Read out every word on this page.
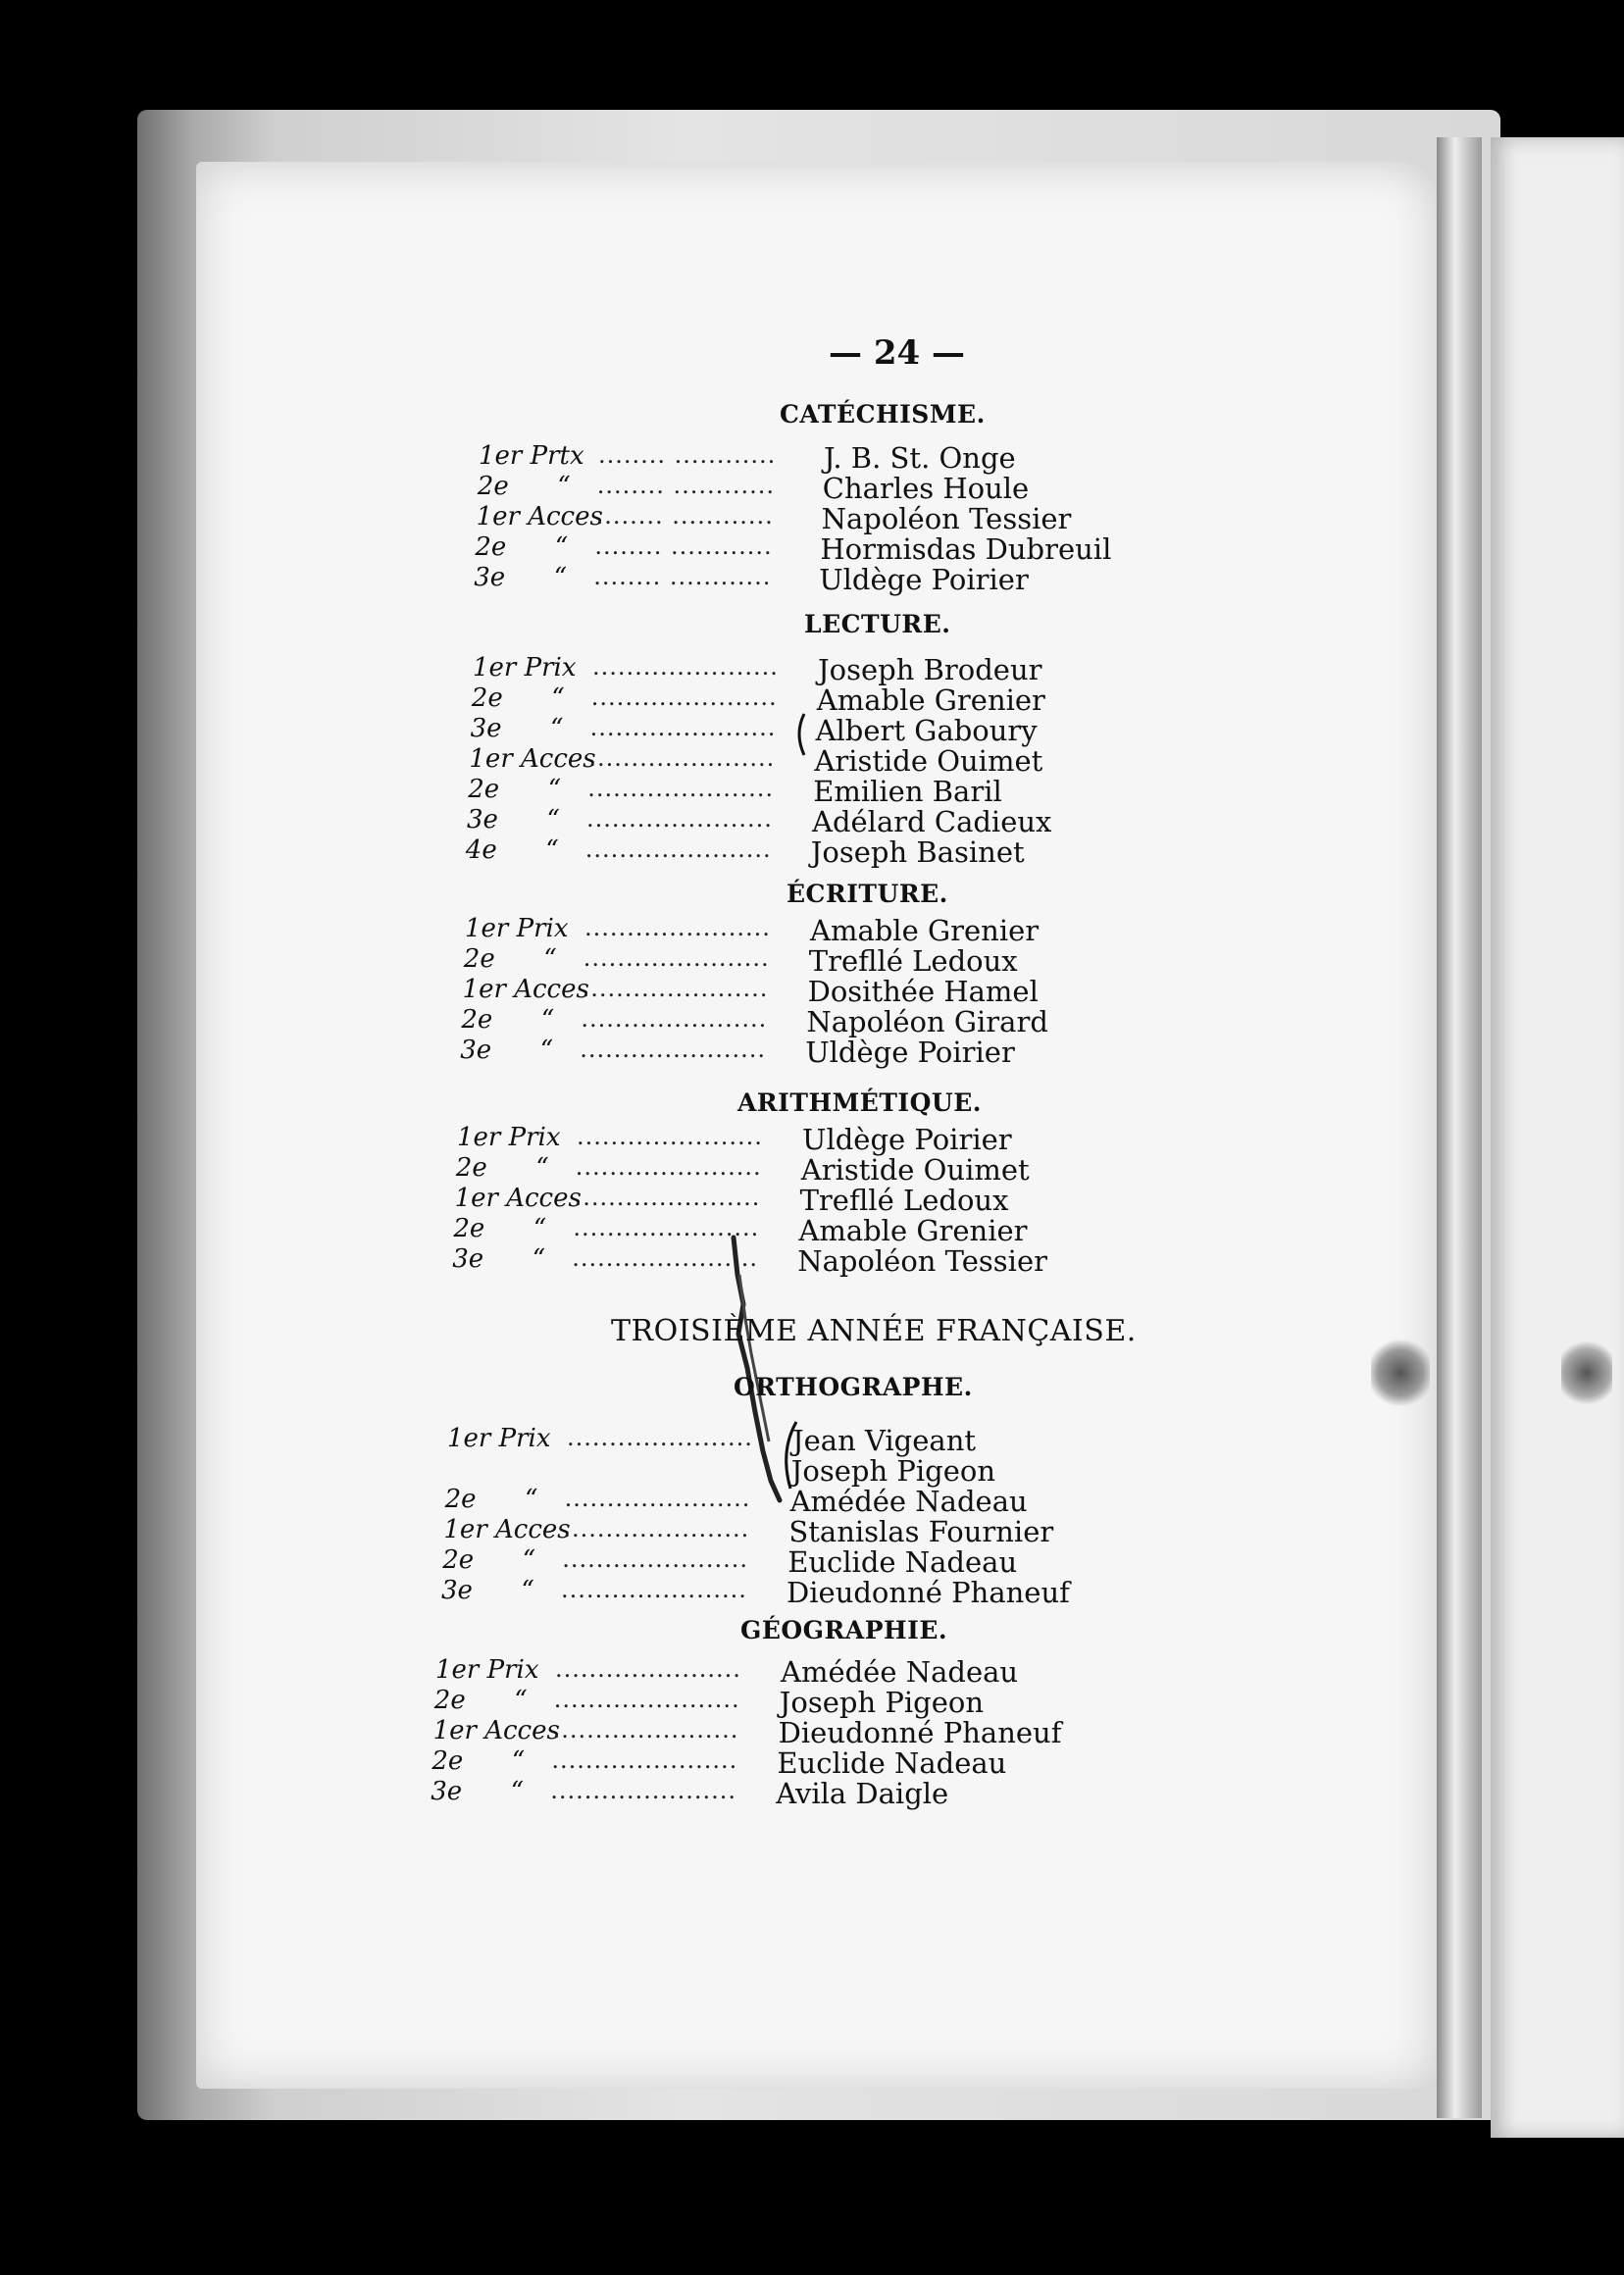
— 24 —
CATÉCHISME.
1er Prtx ........ ............ J. B. St. Onge
2e      “ ........ ............ Charles Houle
1er Acces
........ ............ Napoléon Tessier
2e      “ ........ ............ Hormisdas Dubreuil
3e      “ ........ ............ Uldège Poirier
LECTURE.
1er Prix ...................... Joseph Brodeur
2e      “ ...................... Amable Grenier
3e      “ ...................... Albert Gaboury
1er Acces
...................... Aristide Ouimet
2e      “ ...................... Emilien Baril
3e      “ ...................... Adélard Cadieux
4e      “ ...................... Joseph Basinet
ÉCRITURE.
1er Prix ...................... Amable Grenier
2e      “ ...................... Trefllé Ledoux
1er Acces
...................... Dosithée Hamel
2e      “ ...................... Napoléon Girard
3e      “ ...................... Uldège Poirier
ARITHMÉTIQUE.
1er Prix ...................... Uldège Poirier
2e      “ ...................... Aristide Ouimet
1er Acces
...................... Trefllé Ledoux
2e      “ ...................... Amable Grenier
3e      “ ...................... Napoléon Tessier
TROISIÈME ANNÉE FRANÇAISE.
ORTHOGRAPHE.
1er Prix ...................... Jean Vigeant
Joseph Pigeon
2e      “ ...................... Amédée Nadeau
1er Acces
...................... Stanislas Fournier
2e      “ ...................... Euclide Nadeau
3e      “ ...................... Dieudonné Phaneuf
GÉOGRAPHIE.
1er Prix ...................... Amédée Nadeau
2e      “ ...................... Joseph Pigeon
1er Acces
...................... Dieudonné Phaneuf
2e      “ ...................... Euclide Nadeau
3e      “ ...................... Avila Daigle
